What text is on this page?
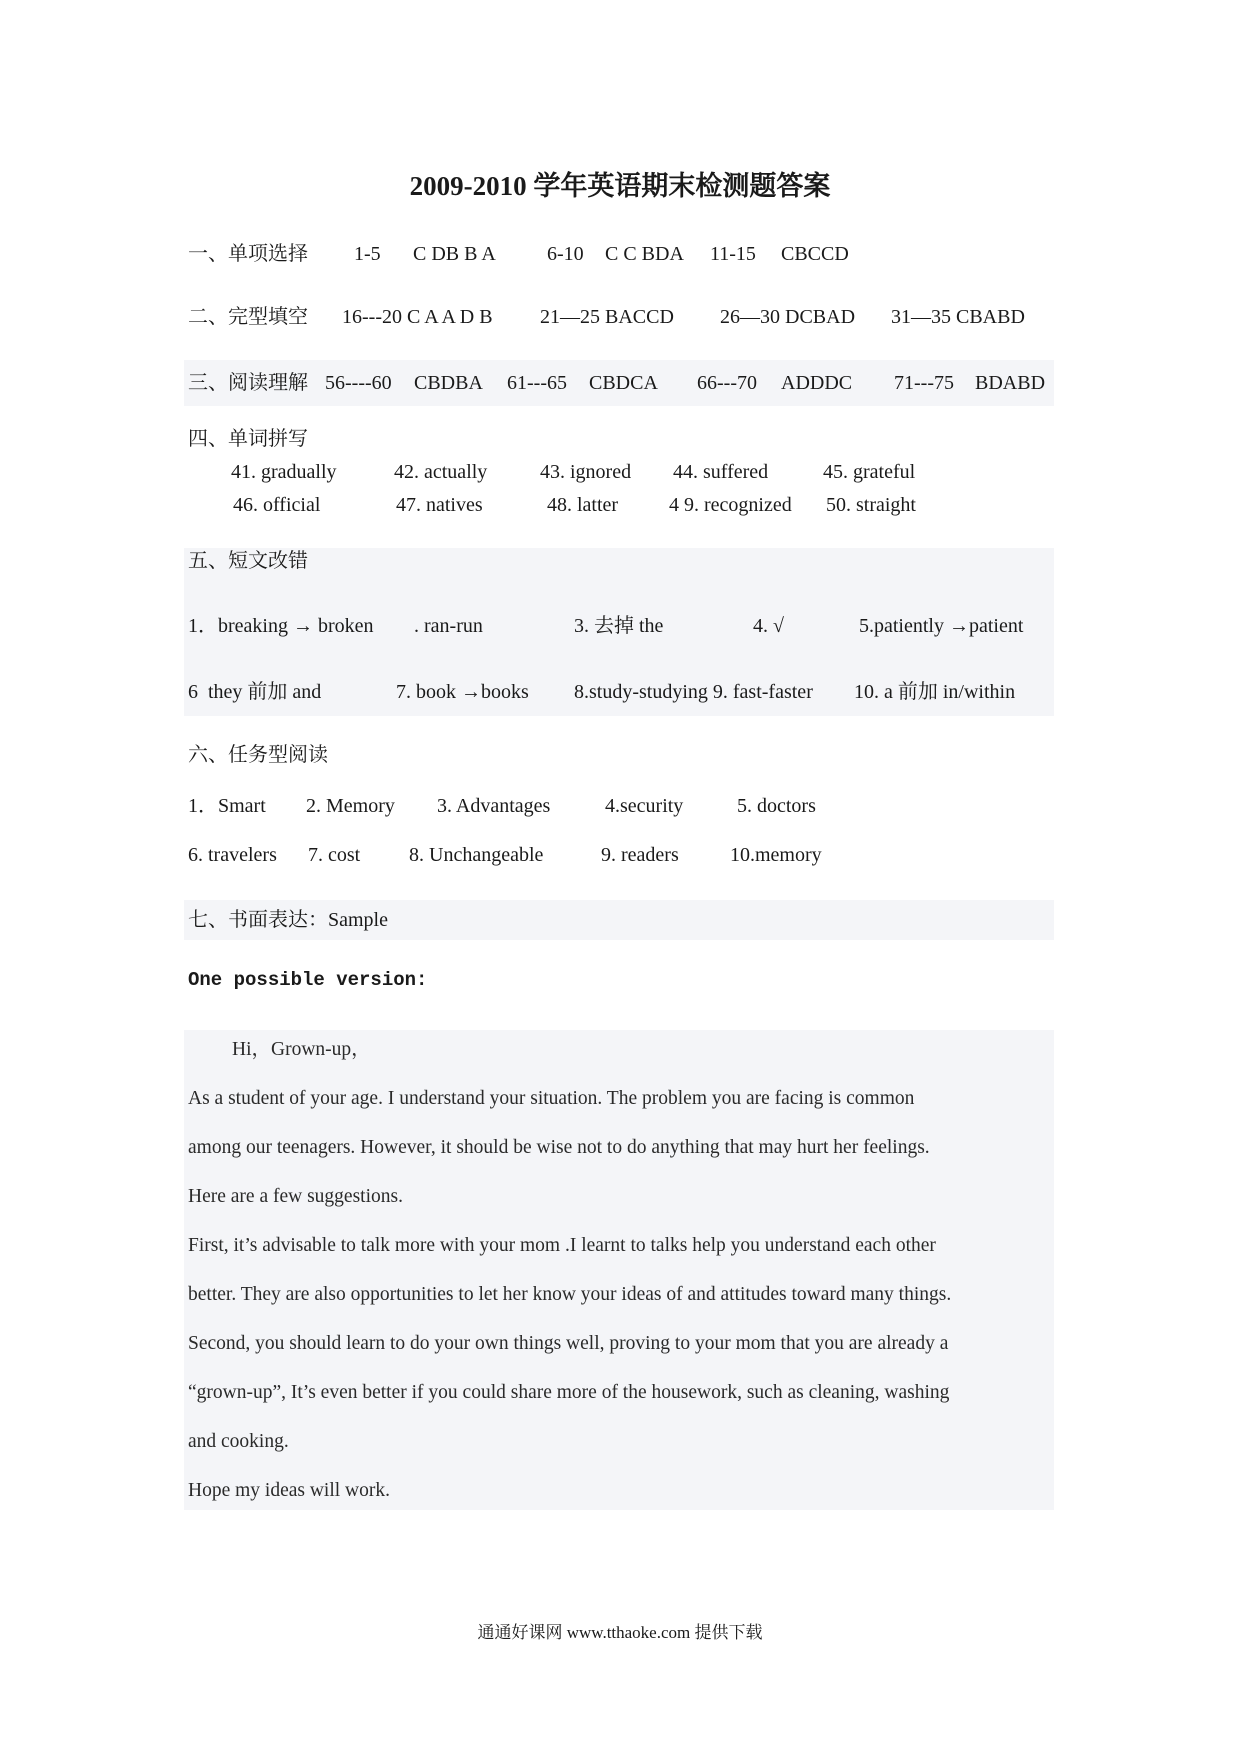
2009-2010 学年英语期末检测题答案
一、单项选择 1-5 C DB B A	6-10 C C BDA 11-15 CBCCD
二、完型填空 16---20 C A A D B 21—25 BACCD 26—30 DCBAD 31—35 CBABD
三、阅读理解 56----60 CBDBA 61---65 CBDCA 66---70 ADDDC 71---75 BDABD
四、单词拼写
41. gradually	42. actually	43. ignored 44. suffered	45. grateful
46. official	47. natives	48. latter	4 9. recognized 50. straight
五、短文改错
1．breaking → broken . ran-run	3. 去掉 the	4. √	5.patiently →patient
6  they 前加 and	7. book →books 8.study-studying 9. fast-faster 10. a 前加 in/within
六、任务型阅读
1．Smart 2. Memory 3. Advantages	4.security	5. doctors
6. travelers 7. cost 8. Unchangeable	9. readers	10.memory
七、书面表达：Sample
One possible version:
Hi，Grown-up，
As a student of your age. I understand your situation. The problem you are facing is common
among our teenagers. However, it should be wise not to do anything that may hurt her feelings.
Here are a few suggestions.
First, it’s advisable to talk more with your mom .I learnt to talks help you understand each other
better. They are also opportunities to let her know your ideas of and attitudes toward many things.
Second, you should learn to do your own things well, proving to your mom that you are already a
“grown-up”, It’s even better if you could share more of the housework, such as cleaning, washing
and cooking.
Hope my ideas will work.
通通好课网 www.tthaoke.com 提供下载
